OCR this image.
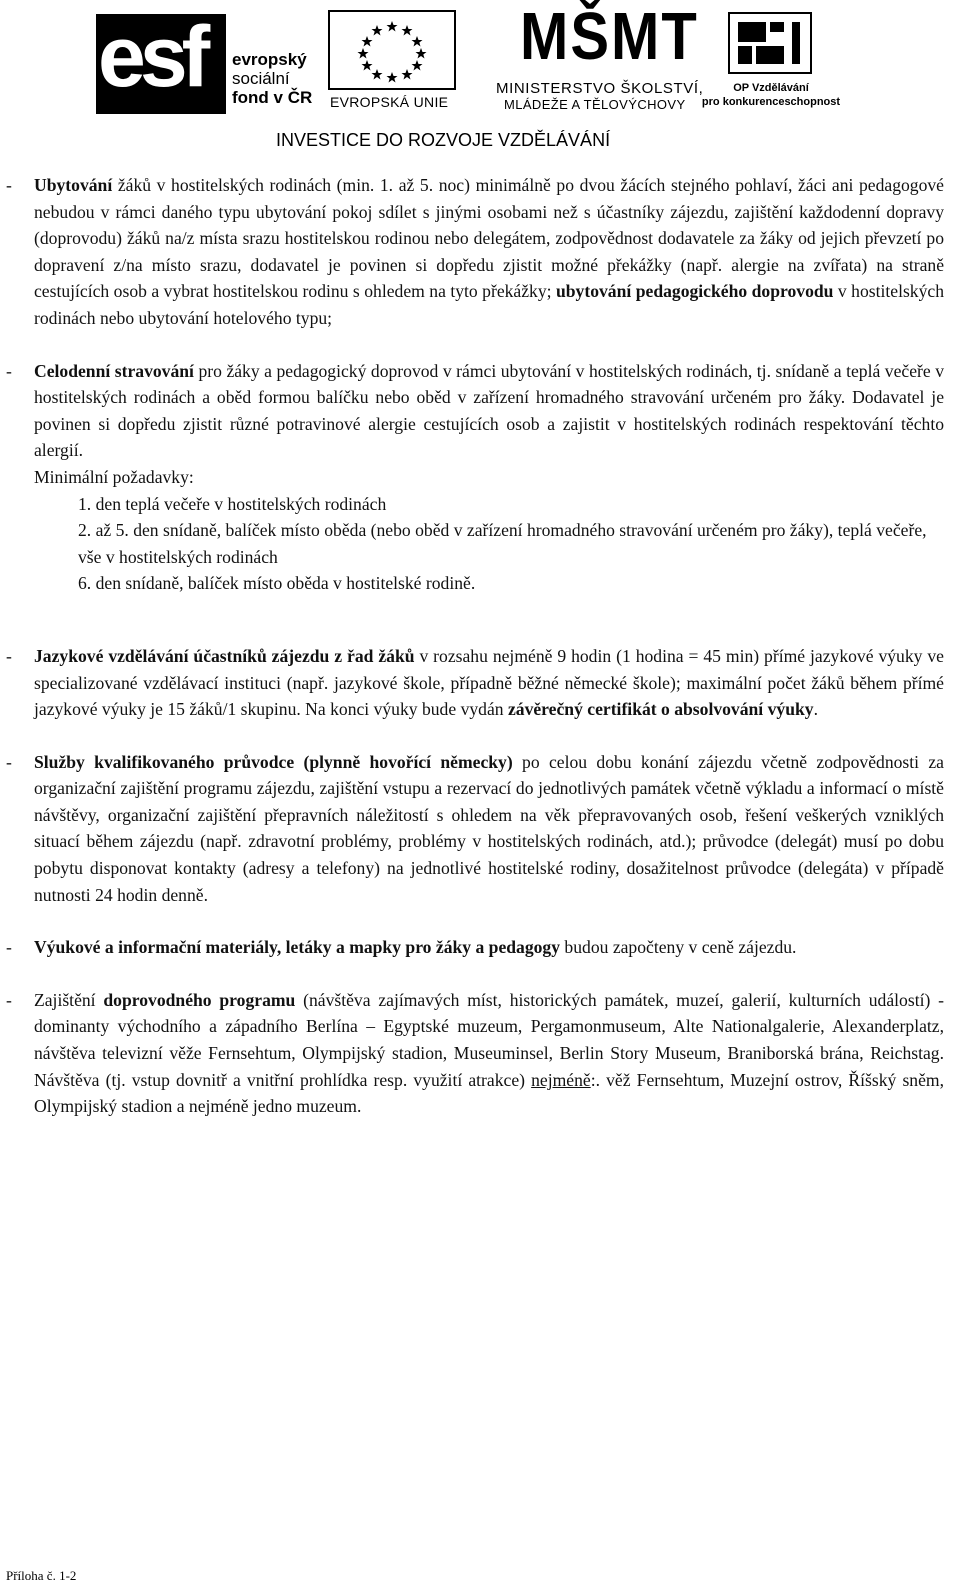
esf evropský
sociální
fond v ČR EVROPSKÁ UNIE
MŠMT
MINISTERSTVO ŠKOLSTVÍ,
MLÁDEŽE A TĚLOVÝCHOVY
OP Vzdělávání
pro konkurenceschopnost
INVESTICE DO ROZVOJE VZDĚLÁVÁNÍ
- Ubytování žáků v hostitelských rodinách (min. 1. až 5. noc) minimálně po dvou žácích stejného pohlaví, žáci ani pedagogové nebudou v rámci daného typu ubytování pokoj sdílet s jinými osobami než s účastníky zájezdu, zajištění každodenní dopravy (doprovodu) žáků na/z místa srazu hostitelskou rodinou nebo delegátem, zodpovědnost dodavatele za žáky od jejich převzetí po dopravení z/na místo srazu, dodavatel je povinen si dopředu zjistit možné překážky (např. alergie na zvířata) na straně cestujících osob a vybrat hostitelskou rodinu s ohledem na tyto překážky; ubytování pedagogického doprovodu v hostitelských rodinách nebo ubytování hotelového typu;
- Celodenní stravování pro žáky a pedagogický doprovod v rámci ubytování v hostitelských rodinách, tj. snídaně a teplá večeře v hostitelských rodinách a oběd formou balíčku nebo oběd v zařízení hromadného stravování určeném pro žáky. Dodavatel je povinen si dopředu zjistit různé potravinové alergie cestujících osob a zajistit v hostitelských rodinách respektování těchto alergií.
Minimální požadavky:
1. den teplá večeře v hostitelských rodinách
2. až 5. den snídaně, balíček místo oběda (nebo oběd v zařízení hromadného stravování určeném pro žáky), teplá večeře, vše v hostitelských rodinách
6. den snídaně, balíček místo oběda v hostitelské rodině.
- Jazykové vzdělávání účastníků zájezdu z řad žáků v rozsahu nejméně 9 hodin (1 hodina = 45 min) přímé jazykové výuky ve specializované vzdělávací instituci (např. jazykové škole, případně běžné německé škole); maximální počet žáků během přímé jazykové výuky je 15 žáků/1 skupinu. Na konci výuky bude vydán závěrečný certifikát o absolvování výuky.
- Služby kvalifikovaného průvodce (plynně hovořící německy) po celou dobu konání zájezdu včetně zodpovědnosti za organizační zajištění programu zájezdu, zajištění vstupu a rezervací do jednotlivých památek včetně výkladu a informací o místě návštěvy, organizační zajištění přepravních náležitostí s ohledem na věk přepravovaných osob, řešení veškerých vzniklých situací během zájezdu (např. zdravotní problémy, problémy v hostitelských rodinách, atd.); průvodce (delegát) musí po dobu pobytu disponovat kontakty (adresy a telefony) na jednotlivé hostitelské rodiny, dosažitelnost průvodce (delegáta) v případě nutnosti 24 hodin denně.
- Výukové a informační materiály, letáky a mapky pro žáky a pedagogy budou započteny v ceně zájezdu.
- Zajištění doprovodného programu (návštěva zajímavých míst, historických památek, muzeí, galerií, kulturních událostí) - dominanty východního a západního Berlína – Egyptské muzeum, Pergamonmuseum, Alte Nationalgalerie, Alexanderplatz, návštěva televizní věže Fernsehtum, Olympijský stadion, Museuminsel, Berlin Story Museum, Braniborská brána, Reichstag. Návštěva (tj. vstup dovnitř a vnitřní prohlídka resp. využití atrakce) nejméně:. věž Fernsehtum, Muzejní ostrov, Říšský sněm, Olympijský stadion a nejméně jedno muzeum.
Příloha č. 1-2
